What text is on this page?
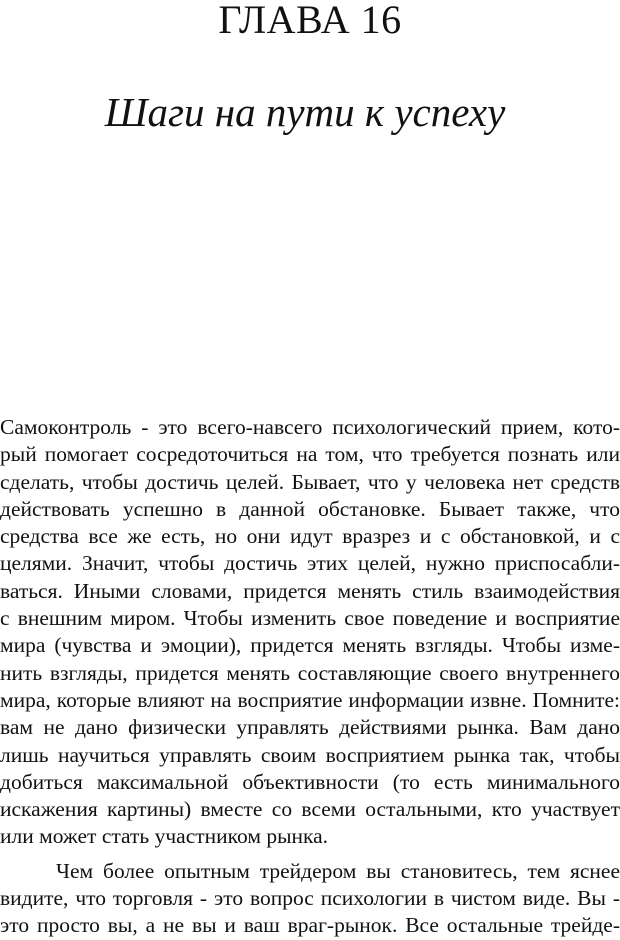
ГЛАВА 16
Шаги на пути к успеху
Самоконтроль - это всего-навсего психологический прием, кото-
рый помогает сосредоточиться на том, что требуется познать или
сделать, чтобы достичь целей. Бывает, что у человека нет средств
действовать успешно в данной обстановке. Бывает также, что
средства все же есть, но они идут вразрез и с обстановкой, и с
целями. Значит, чтобы достичь этих целей, нужно приспосабли-
ваться. Иными словами, придется менять стиль взаимодействия
с внешним миром. Чтобы изменить свое поведение и восприятие
мира (чувства и эмоции), придется менять взгляды. Чтобы изме-
нить взгляды, придется менять составляющие своего внутреннего
мира, которые влияют на восприятие информации извне. Помните:
вам не дано физически управлять действиями рынка. Вам дано
лишь научиться управлять своим восприятием рынка так, чтобы
добиться максимальной объективности (то есть минимального
искажения картины) вместе со всеми остальными, кто участвует
или может стать участником рынка.
Чем более опытным трейдером вы становитесь, тем яснее
видите, что торговля - это вопрос психологии в чистом виде. Вы -
это просто вы, а не вы и ваш враг-рынок. Все остальные трейде-
